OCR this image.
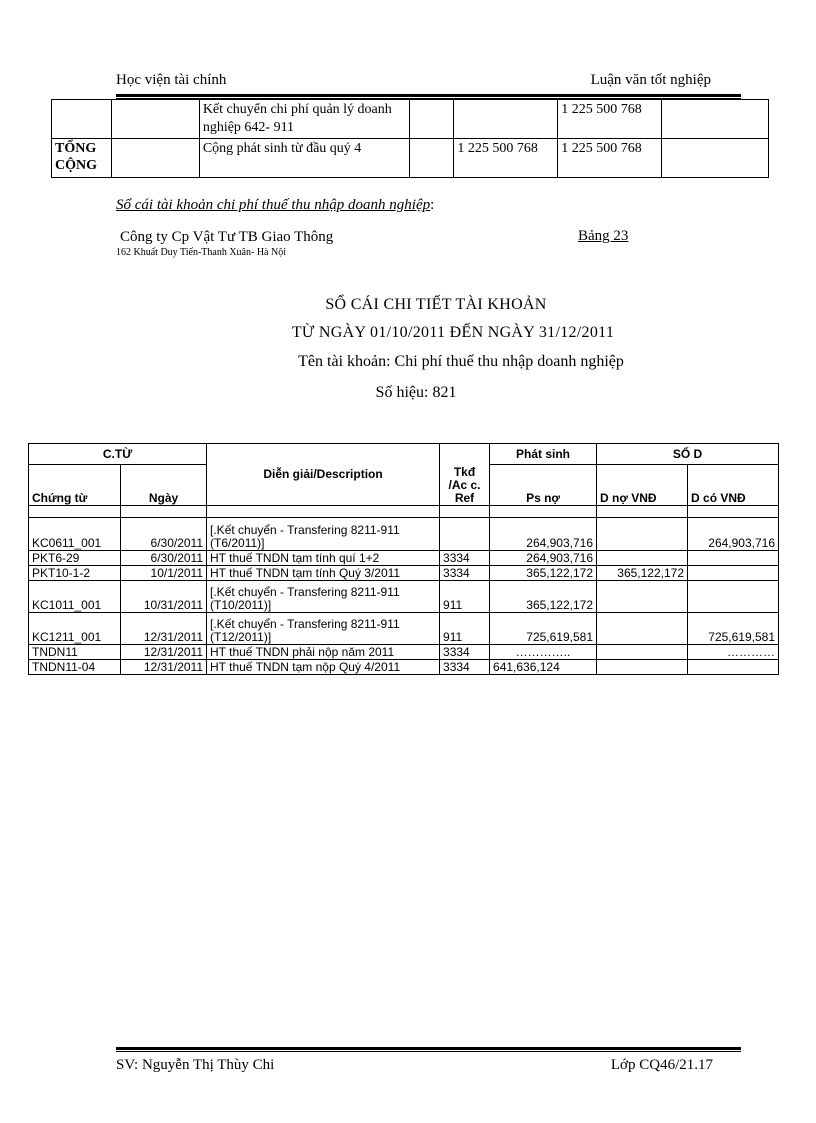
Học viện tài chính	Luận văn tốt nghiệp
		Kết chuyển chi phí quản lý doanh nghiệp 642- 911			1 225 500 768	
TỔNG CỘNG		Cộng phát sinh từ đầu quý 4		1 225 500 768	1 225 500 768	
Sổ cái tài khoản chi phí thuế thu nhập doanh nghiệp:
Công ty Cp Vật Tư TB Giao Thông
162 Khuất Duy Tiến-Thanh Xuân- Hà Nội
Bảng 23
SỔ CÁI CHI TIẾT TÀI KHOẢN
TỪ NGÀY 01/10/2011 ĐẾN NGÀY 31/12/2011
Tên tài khoản: Chi phí thuế thu nhập doanh nghiệp
Số hiệu: 821
C.TỪ		Diễn giải/Description	Tkđ /Ac c. Ref	Phát sinh	SỐ D	
Chứng từ	Ngày			Ps nợ	D nợ VNĐ	D có VNĐ

KC0611_001	6/30/2011	[.Kết chuyển - Transfering 8211-911 (T6/2011)]		264,903,716		264,903,716
PKT6-29	6/30/2011	HT thuế TNDN tạm tính quí 1+2	3334	264,903,716		
PKT10-1-2	10/1/2011	HT thuế TNDN tạm tính Quý 3/2011	3334	365,122,172	365,122,172	
KC1011_001	10/31/2011	[.Kết chuyển - Transfering 8211-911 (T10/2011)]	911	365,122,172		
KC1211_001	12/31/2011	[.Kết chuyển - Transfering 8211-911 (T12/2011)]	911	725,619,581		725,619,581
TNDN11	12/31/2011	HT thuế TNDN phải nộp năm 2011	3334	…………..		…………
TNDN11-04	12/31/2011	HT thuế TNDN tạm nộp Quý 4/2011	3334	641,636,124		
SV: Nguyễn Thị Thùy Chi	Lớp CQ46/21.17
